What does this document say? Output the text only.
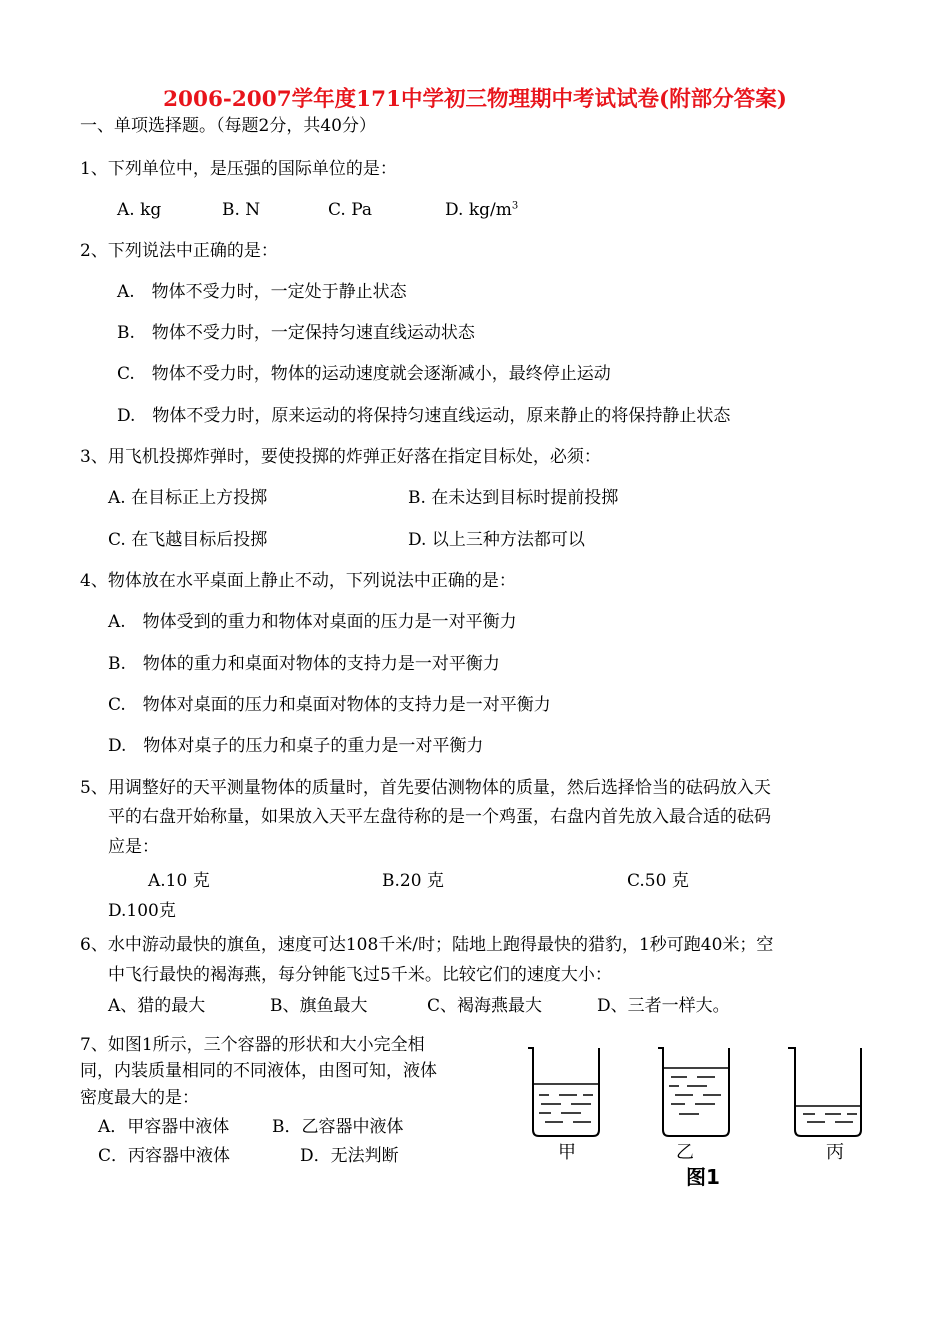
2006-2007学年度171中学初三物理期中考试试卷(附部分答案)
一、单项选择题。（每题2分，共40分）
1、下列单位中，是压强的国际单位的是：
A. kg	B. N	C. Pa	D. $kg/m^3$
2、下列说法中正确的是：
A.　物体不受力时，一定处于静止状态
B.　物体不受力时，一定保持匀速直线运动状态
C.　物体不受力时，物体的运动速度就会逐渐减小，最终停止运动
D.　物体不受力时，原来运动的将保持匀速直线运动，原来静止的将保持静止状态
3、用飞机投掷炸弹时，要使投掷的炸弹正好落在指定目标处，必须：
A. 在目标正上方投掷	B. 在未达到目标时提前投掷
C. 在飞越目标后投掷	D. 以上三种方法都可以
4、物体放在水平桌面上静止不动，下列说法中正确的是：
A.　物体受到的重力和物体对桌面的压力是一对平衡力
B.　物体的重力和桌面对物体的支持力是一对平衡力
C.　物体对桌面的压力和桌面对物体的支持力是一对平衡力
D.　物体对桌子的压力和桌子的重力是一对平衡力
5、用调整好的天平测量物体的质量时，首先要估测物体的质量，然后选择恰当的砝码放入天
平的右盘开始称量，如果放入天平左盘待称的是一个鸡蛋，右盘内首先放入最合适的砝码
应是：
A.10 克	B.20 克	C.50 克
D.100克
6、水中游动最快的旗鱼，速度可达108千米/时；陆地上跑得最快的猎豹，1秒可跑40米；空
中飞行最快的褐海燕，每分钟能飞过5千米。比较它们的速度大小：
A、猎的最大	B、旗鱼最大	C、褐海燕最大	D、三者一样大。
7、如图1所示，三个容器的形状和大小完全相
同，内装质量相同的不同液体，由图可知，液体
密度最大的是：
A．甲容器中液体	B．乙容器中液体
C．丙容器中液体	D．无法判断	甲	乙	丙
图1
